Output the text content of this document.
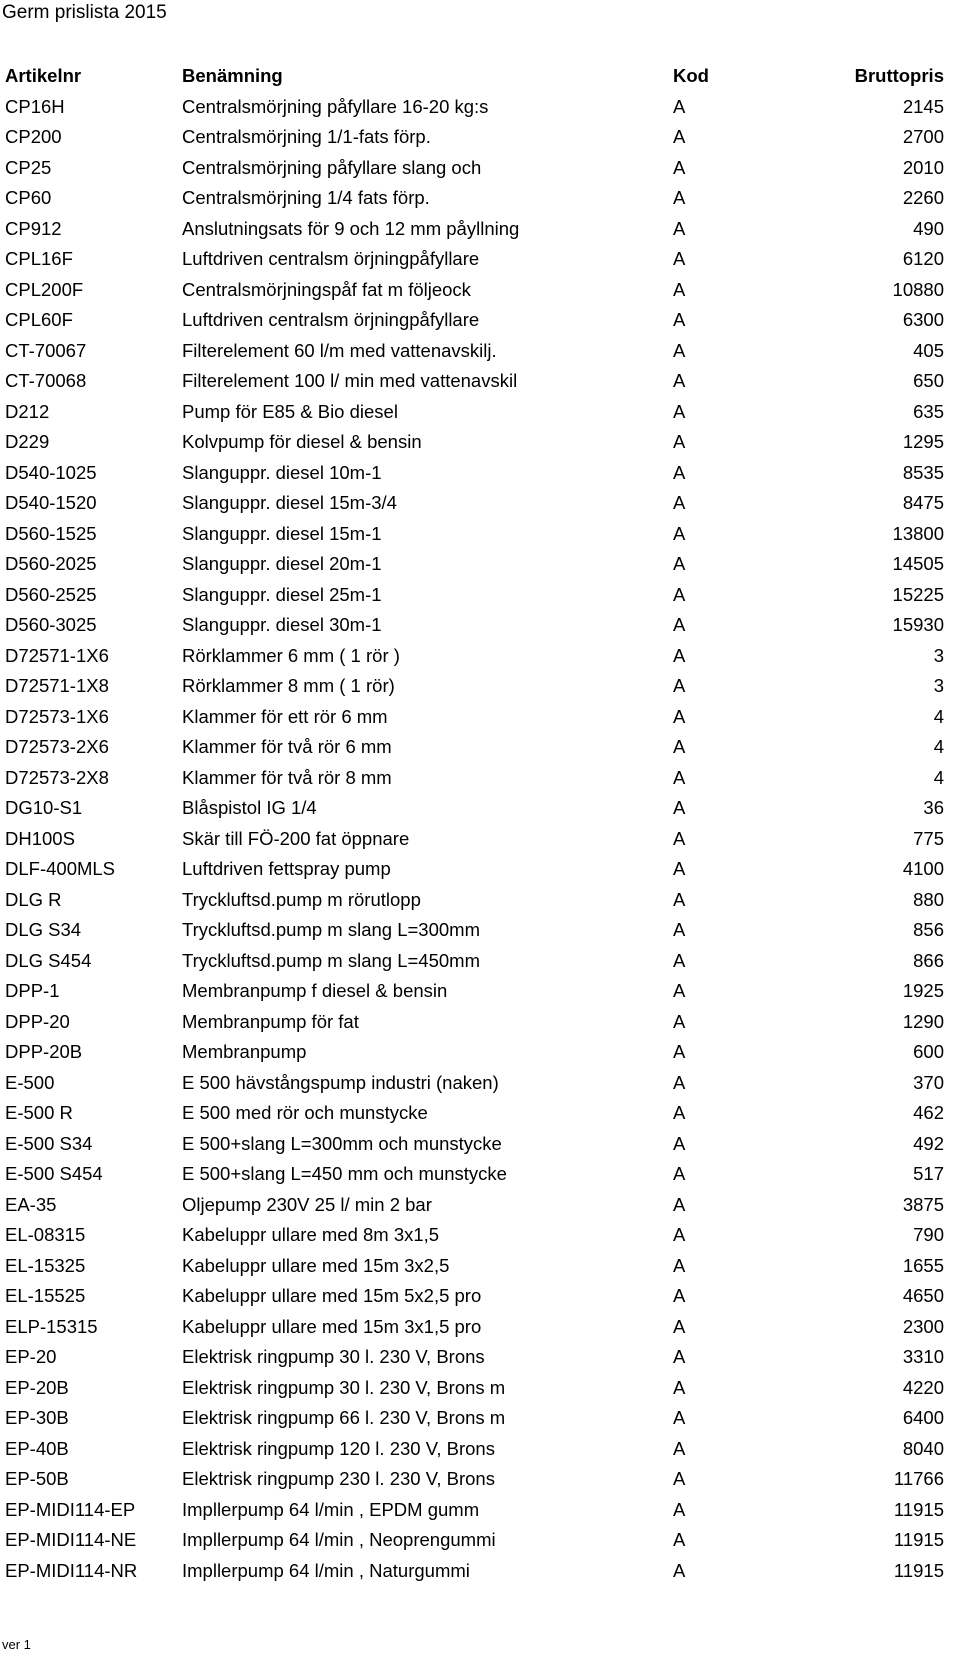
Germ prislista 2015
Artikelnr	Benämning	Kod	Bruttopris
CP16H	Centralsmörjning påfyllare 16-20 kg:s	A	2145
CP200	Centralsmörjning 1/1-fats förp.	A	2700
CP25	Centralsmörjning påfyllare slang och	A	2010
CP60	Centralsmörjning 1/4 fats förp.	A	2260
CP912	Anslutningsats för 9 och 12 mm påyllning	A	490
CPL16F	Luftdriven centralsm örjningpåfyllare	A	6120
CPL200F	Centralsmörjningspåf fat m följeock	A	10880
CPL60F	Luftdriven centralsm örjningpåfyllare	A	6300
CT-70067	Filterelement 60 l/m med vattenavskilj.	A	405
CT-70068	Filterelement 100 l/ min med vattenavskil	A	650
D212	Pump för E85 & Bio diesel	A	635
D229	Kolvpump för diesel & bensin	A	1295
D540-1025	Slanguppr. diesel 10m-1	A	8535
D540-1520	Slanguppr. diesel 15m-3/4	A	8475
D560-1525	Slanguppr. diesel 15m-1	A	13800
D560-2025	Slanguppr. diesel 20m-1	A	14505
D560-2525	Slanguppr. diesel 25m-1	A	15225
D560-3025	Slanguppr. diesel 30m-1	A	15930
D72571-1X6	Rörklammer 6 mm ( 1 rör )	A	3
D72571-1X8	Rörklammer 8 mm ( 1 rör)	A	3
D72573-1X6	Klammer för ett rör 6 mm	A	4
D72573-2X6	Klammer för två rör 6 mm	A	4
D72573-2X8	Klammer för två rör 8 mm	A	4
DG10-S1	Blåspistol IG 1/4	A	36
DH100S	Skär till FÖ-200 fat öppnare	A	775
DLF-400MLS	Luftdriven fettspray pump	A	4100
DLG R	Tryckluftsd.pump m rörutlopp	A	880
DLG S34	Tryckluftsd.pump m slang L=300mm	A	856
DLG S454	Tryckluftsd.pump m slang L=450mm	A	866
DPP-1	Membranpump f diesel & bensin	A	1925
DPP-20	Membranpump för fat	A	1290
DPP-20B	Membranpump	A	600
E-500	E 500 hävstångspump industri (naken)	A	370
E-500 R	E 500 med rör och munstycke	A	462
E-500 S34	E 500+slang L=300mm och munstycke	A	492
E-500 S454	E 500+slang L=450 mm och munstycke	A	517
EA-35	Oljepump 230V 25 l/ min 2 bar	A	3875
EL-08315	Kabeluppr ullare med 8m 3x1,5	A	790
EL-15325	Kabeluppr ullare med 15m 3x2,5	A	1655
EL-15525	Kabeluppr ullare med 15m 5x2,5 pro	A	4650
ELP-15315	Kabeluppr ullare med 15m 3x1,5 pro	A	2300
EP-20	Elektrisk ringpump 30 l. 230 V, Brons	A	3310
EP-20B	Elektrisk ringpump 30 l. 230 V, Brons m	A	4220
EP-30B	Elektrisk ringpump 66 l. 230 V, Brons m	A	6400
EP-40B	Elektrisk ringpump 120 l. 230 V, Brons	A	8040
EP-50B	Elektrisk ringpump 230 l. 230 V, Brons	A	11766
EP-MIDI114-EP	Impllerpump 64 l/min , EPDM gumm	A	11915
EP-MIDI114-NE Impllerpump 64 l/min , Neoprengummi	A	11915
EP-MIDI114-NR Impllerpump 64 l/min , Naturgummi	A	11915
ver 1
